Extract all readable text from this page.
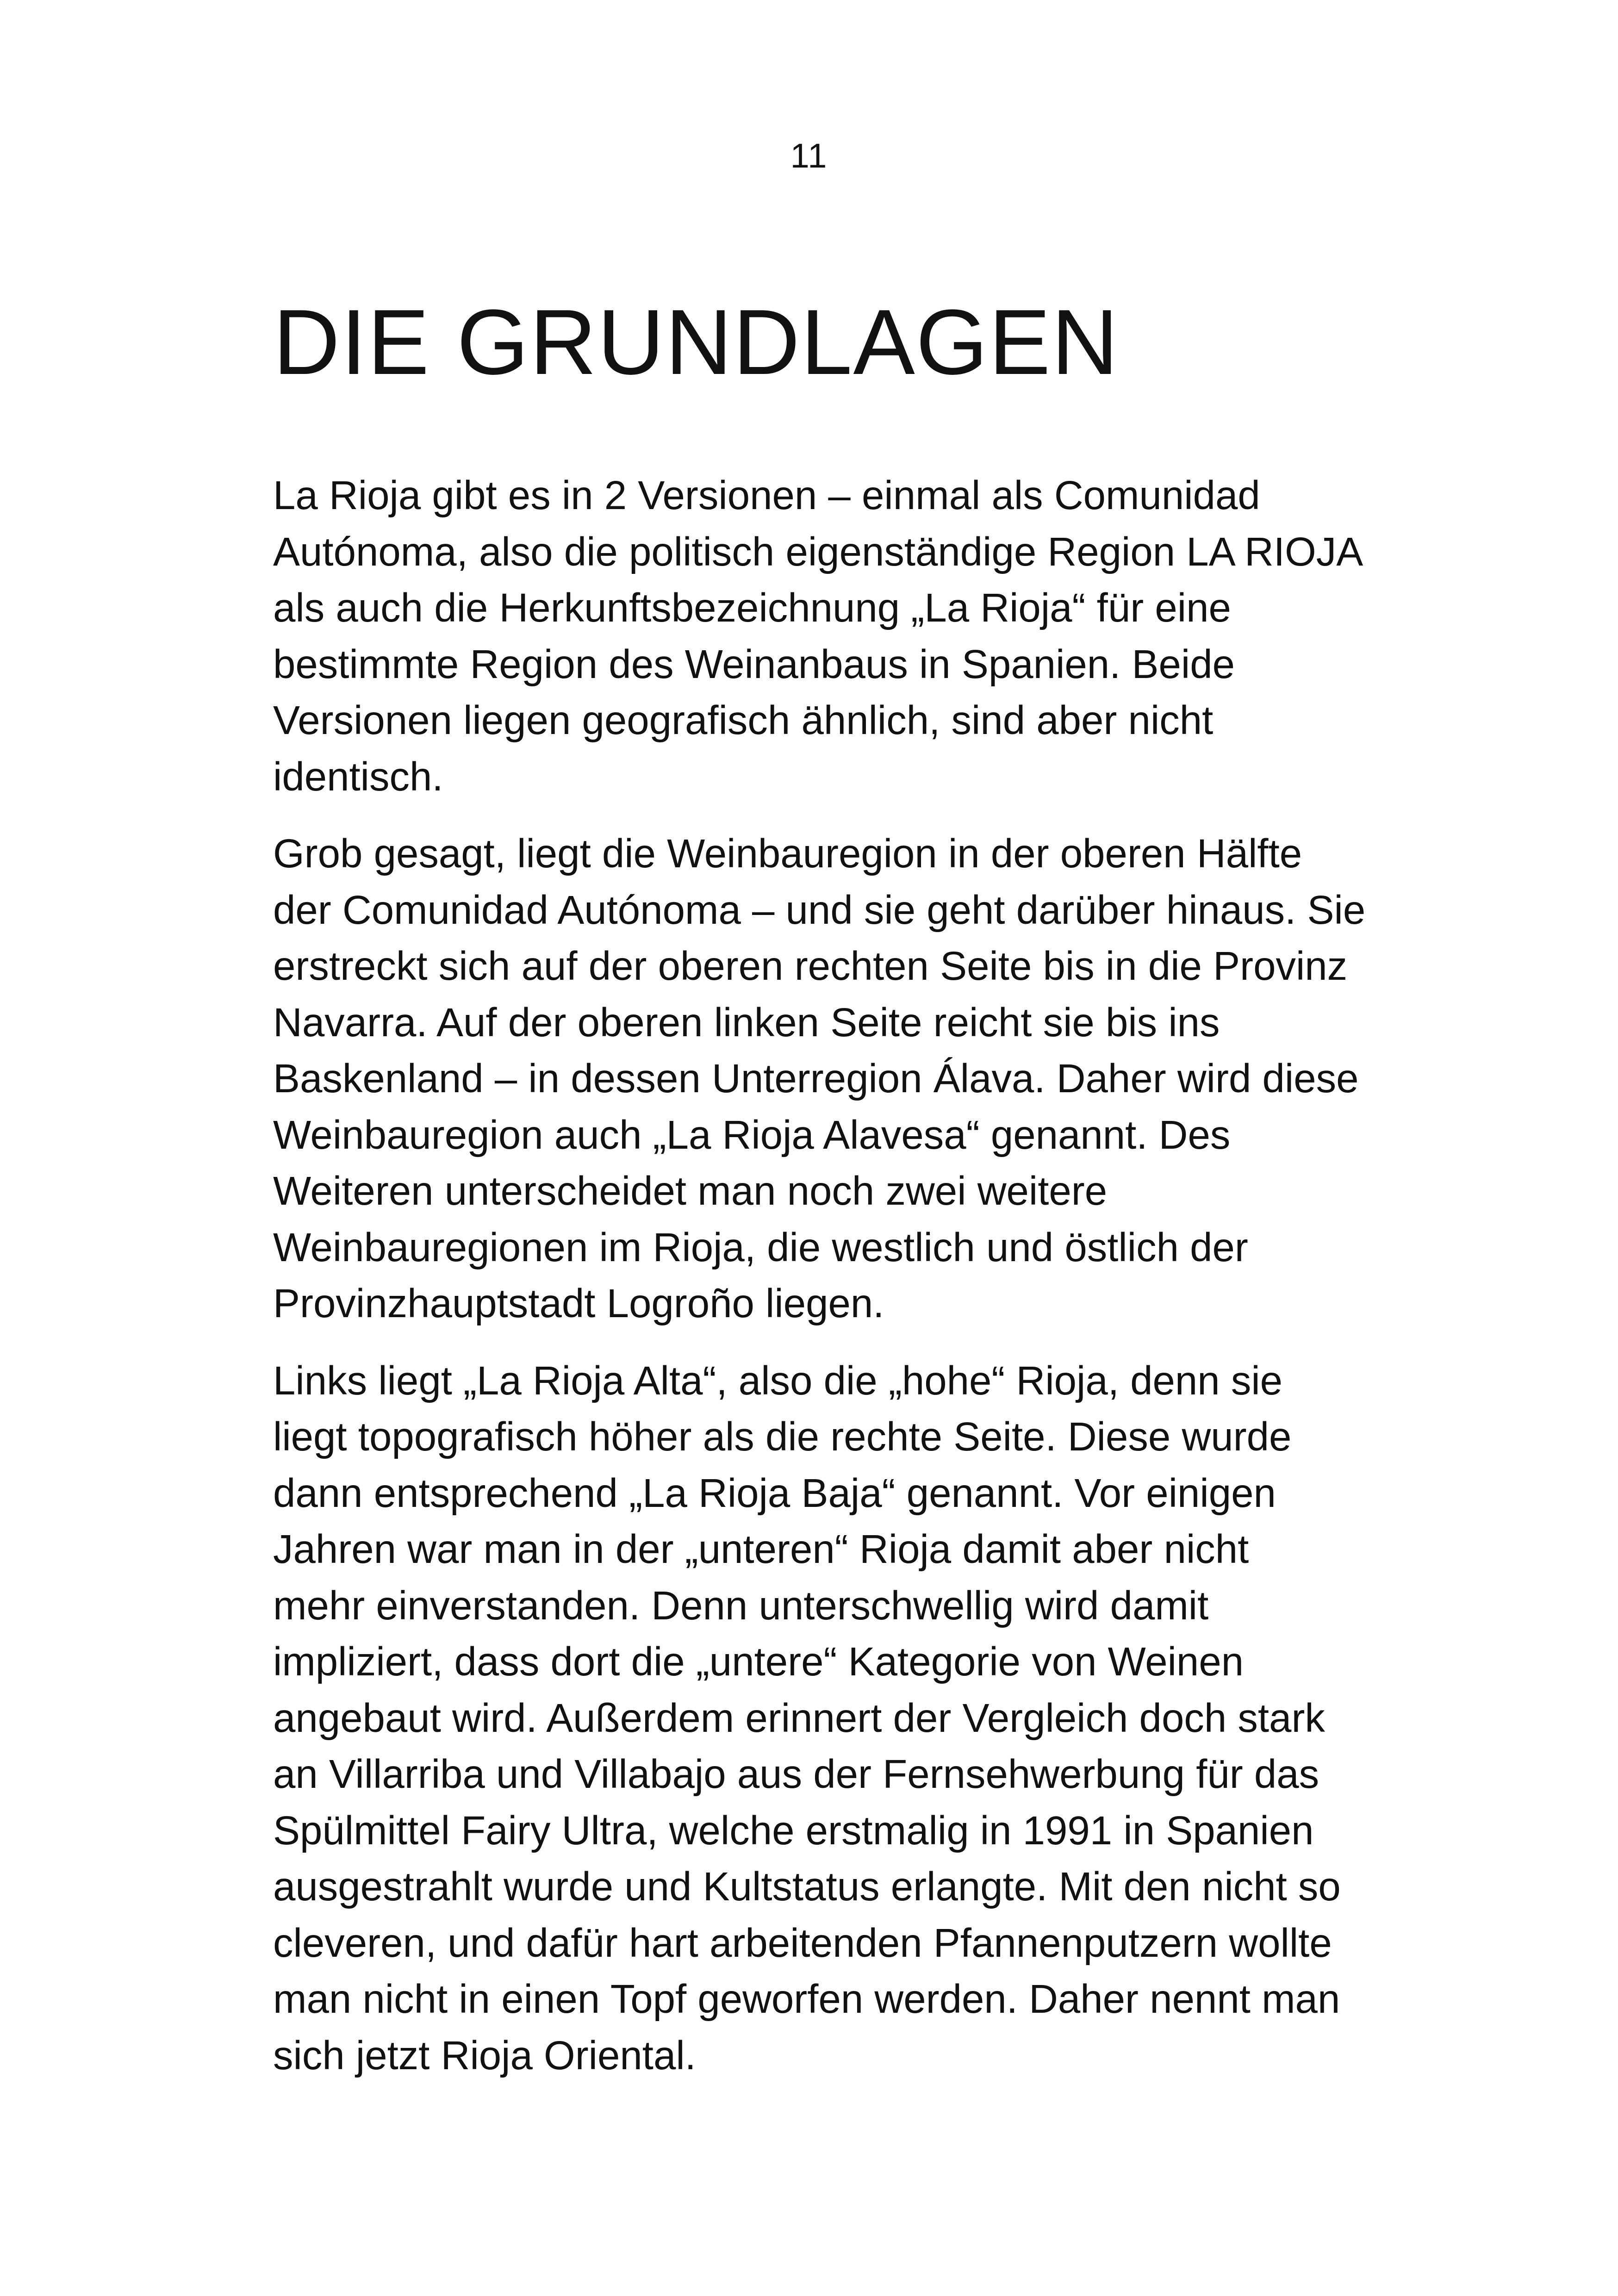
11
DIE GRUNDLAGEN

La Rioja gibt es in 2 Versionen – einmal als Comunidad
Autónoma, also die politisch eigenständige Region LA RIOJA
als auch die Herkunftsbezeichnung „La Rioja“ für eine
bestimmte Region des Weinanbaus in Spanien. Beide
Versionen liegen geografisch ähnlich, sind aber nicht
identisch.

Grob gesagt, liegt die Weinbauregion in der oberen Hälfte
der Comunidad Autónoma – und sie geht darüber hinaus. Sie
erstreckt sich auf der oberen rechten Seite bis in die Provinz
Navarra. Auf der oberen linken Seite reicht sie bis ins
Baskenland – in dessen Unterregion Álava. Daher wird diese
Weinbauregion auch „La Rioja Alavesa“ genannt. Des
Weiteren unterscheidet man noch zwei weitere
Weinbauregionen im Rioja, die westlich und östlich der
Provinzhauptstadt Logroño liegen.

Links liegt „La Rioja Alta“, also die „hohe“ Rioja, denn sie
liegt topografisch höher als die rechte Seite. Diese wurde
dann entsprechend „La Rioja Baja“ genannt. Vor einigen
Jahren war man in der „unteren“ Rioja damit aber nicht
mehr einverstanden. Denn unterschwellig wird damit
impliziert, dass dort die „untere“ Kategorie von Weinen
angebaut wird. Außerdem erinnert der Vergleich doch stark
an Villarriba und Villabajo aus der Fernsehwerbung für das
Spülmittel Fairy Ultra, welche erstmalig in 1991 in Spanien
ausgestrahlt wurde und Kultstatus erlangte. Mit den nicht so
cleveren, und dafür hart arbeitenden Pfannenputzern wollte
man nicht in einen Topf geworfen werden. Daher nennt man
sich jetzt Rioja Oriental.
